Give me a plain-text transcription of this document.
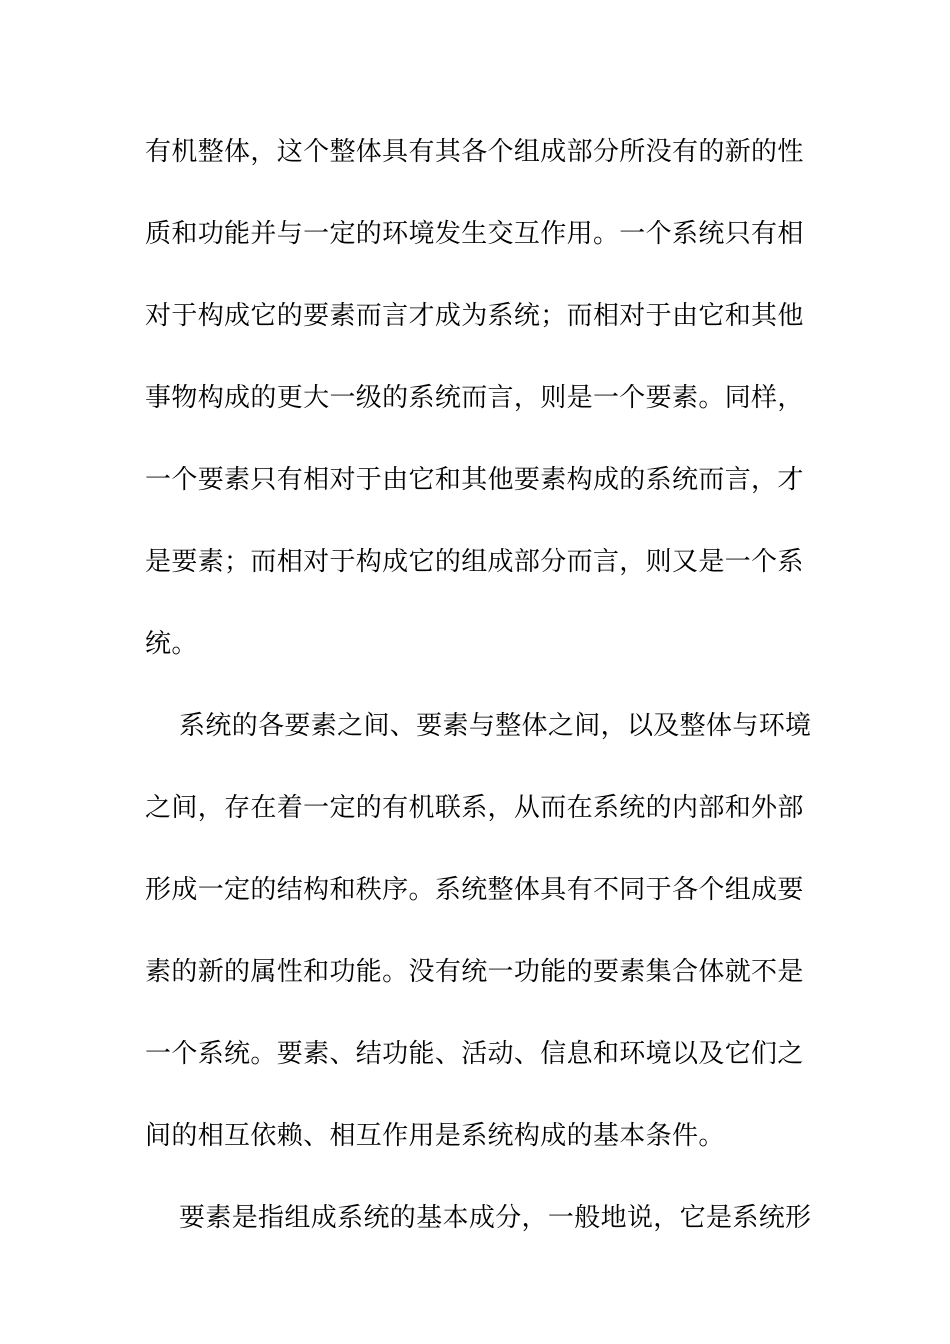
有机整体，这个整体具有其各个组成部分所没有的新的性
质和功能并与一定的环境发生交互作用。一个系统只有相
对于构成它的要素而言才成为系统；而相对于由它和其他
事物构成的更大一级的系统而言，则是一个要素。同样，
一个要素只有相对于由它和其他要素构成的系统而言，才
是要素；而相对于构成它的组成部分而言，则又是一个系
统。
系统的各要素之间、要素与整体之间，以及整体与环境
之间，存在着一定的有机联系，从而在系统的内部和外部
形成一定的结构和秩序。系统整体具有不同于各个组成要
素的新的属性和功能。没有统一功能的要素集合体就不是
一个系统。要素、结功能、活动、信息和环境以及它们之
间的相互依赖、相互作用是系统构成的基本条件。
要素是指组成系统的基本成分，一般地说，它是系统形
